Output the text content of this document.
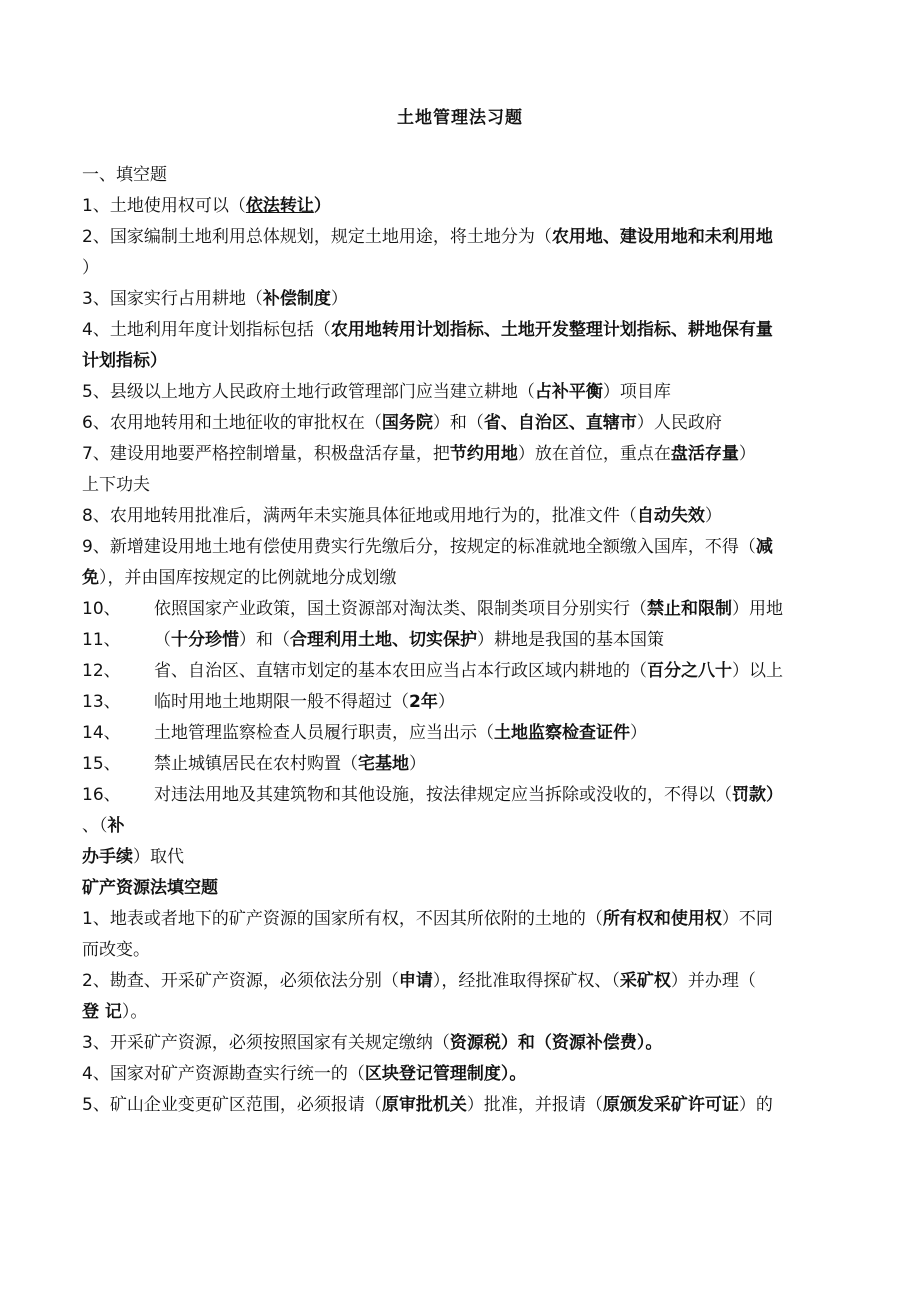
土地管理法习题
一、填空题
1、土地使用权可以（依法转让）
2、国家编制土地利用总体规划，规定土地用途，将土地分为（农用地、建设用地和未利用地
）
3、国家实行占用耕地（补偿制度）
4、土地利用年度计划指标包括（农用地转用计划指标、土地开发整理计划指标、耕地保有量
计划指标）
5、县级以上地方人民政府土地行政管理部门应当建立耕地（占补平衡）项目库
6、农用地转用和土地征收的审批权在（国务院）和（省、自治区、直辖市）人民政府
7、建设用地要严格控制增量，积极盘活存量，把节约用地）放在首位，重点在盘活存量）
上下功夫
8、农用地转用批准后，满两年未实施具体征地或用地行为的，批准文件（自动失效）
9、新增建设用地土地有偿使用费实行先缴后分，按规定的标准就地全额缴入国库，不得（减
免），并由国库按规定的比例就地分成划缴
10、 依照国家产业政策，国土资源部对淘汰类、限制类项目分别实行（禁止和限制）用地
11、 （十分珍惜）和（合理利用土地、切实保护）耕地是我国的基本国策
12、 省、自治区、直辖市划定的基本农田应当占本行政区域内耕地的（百分之八十）以上
13、 临时用地土地期限一般不得超过（2年）
14、 土地管理监察检查人员履行职责，应当出示（土地监察检查证件）
15、 禁止城镇居民在农村购置（宅基地）
16、 对违法用地及其建筑物和其他设施，按法律规定应当拆除或没收的，不得以（罚款）
、（补
办手续）取代
矿产资源法填空题
1、地表或者地下的矿产资源的国家所有权，不因其所依附的土地的（所有权和使用权）不同
而改变。
2、勘查、开采矿产资源，必须依法分别（申请），经批准取得探矿权、（采矿权）并办理（
登 记）。
3、开采矿产资源，必须按照国家有关规定缴纳（资源税）和（资源补偿费）。
4、国家对矿产资源勘查实行统一的（区块登记管理制度）。
5、矿山企业变更矿区范围，必须报请（原审批机关）批准，并报请（原颁发采矿许可证）的
